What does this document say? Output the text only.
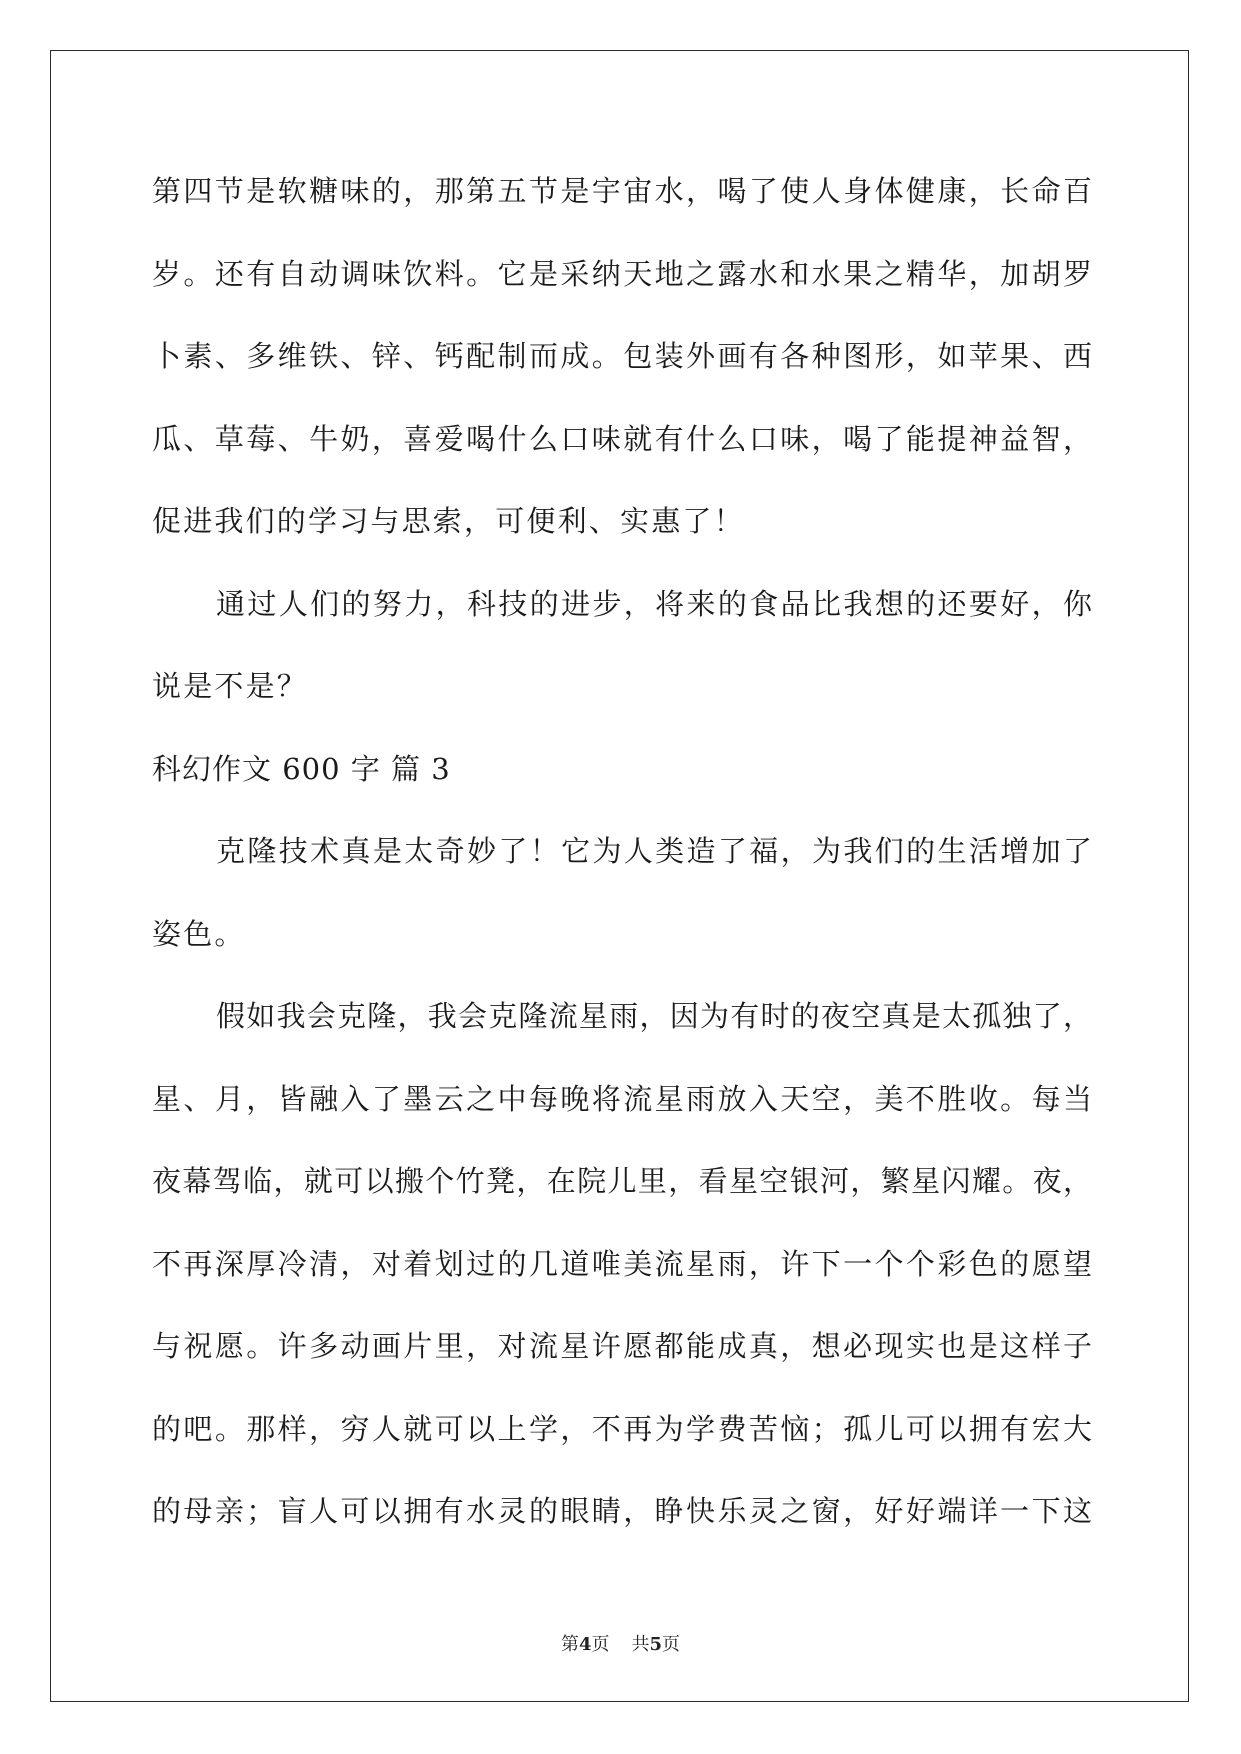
第四节是软糖味的，那第五节是宇宙水，喝了使人身体健康，长命百
岁。还有自动调味饮料。它是采纳天地之露水和水果之精华，加胡罗
卜素、多维铁、锌、钙配制而成。包装外画有各种图形，如苹果、西
瓜、草莓、牛奶，喜爱喝什么口味就有什么口味，喝了能提神益智，
促进我们的学习与思索，可便利、实惠了！
通过人们的努力，科技的进步，将来的食品比我想的还要好，你
说是不是？
科幻作文 600 字 篇 3
克隆技术真是太奇妙了！它为人类造了福，为我们的生活增加了
姿色。
假如我会克隆，我会克隆流星雨，因为有时的夜空真是太孤独了，
星、月，皆融入了墨云之中每晚将流星雨放入天空，美不胜收。每当
夜幕驾临，就可以搬个竹凳，在院儿里，看星空银河，繁星闪耀。夜，
不再深厚冷清，对着划过的几道唯美流星雨，许下一个个彩色的愿望
与祝愿。许多动画片里，对流星许愿都能成真，想必现实也是这样子
的吧。那样，穷人就可以上学，不再为学费苦恼；孤儿可以拥有宏大
的母亲；盲人可以拥有水灵的眼睛，睁快乐灵之窗，好好端详一下这
第4页 共5页
